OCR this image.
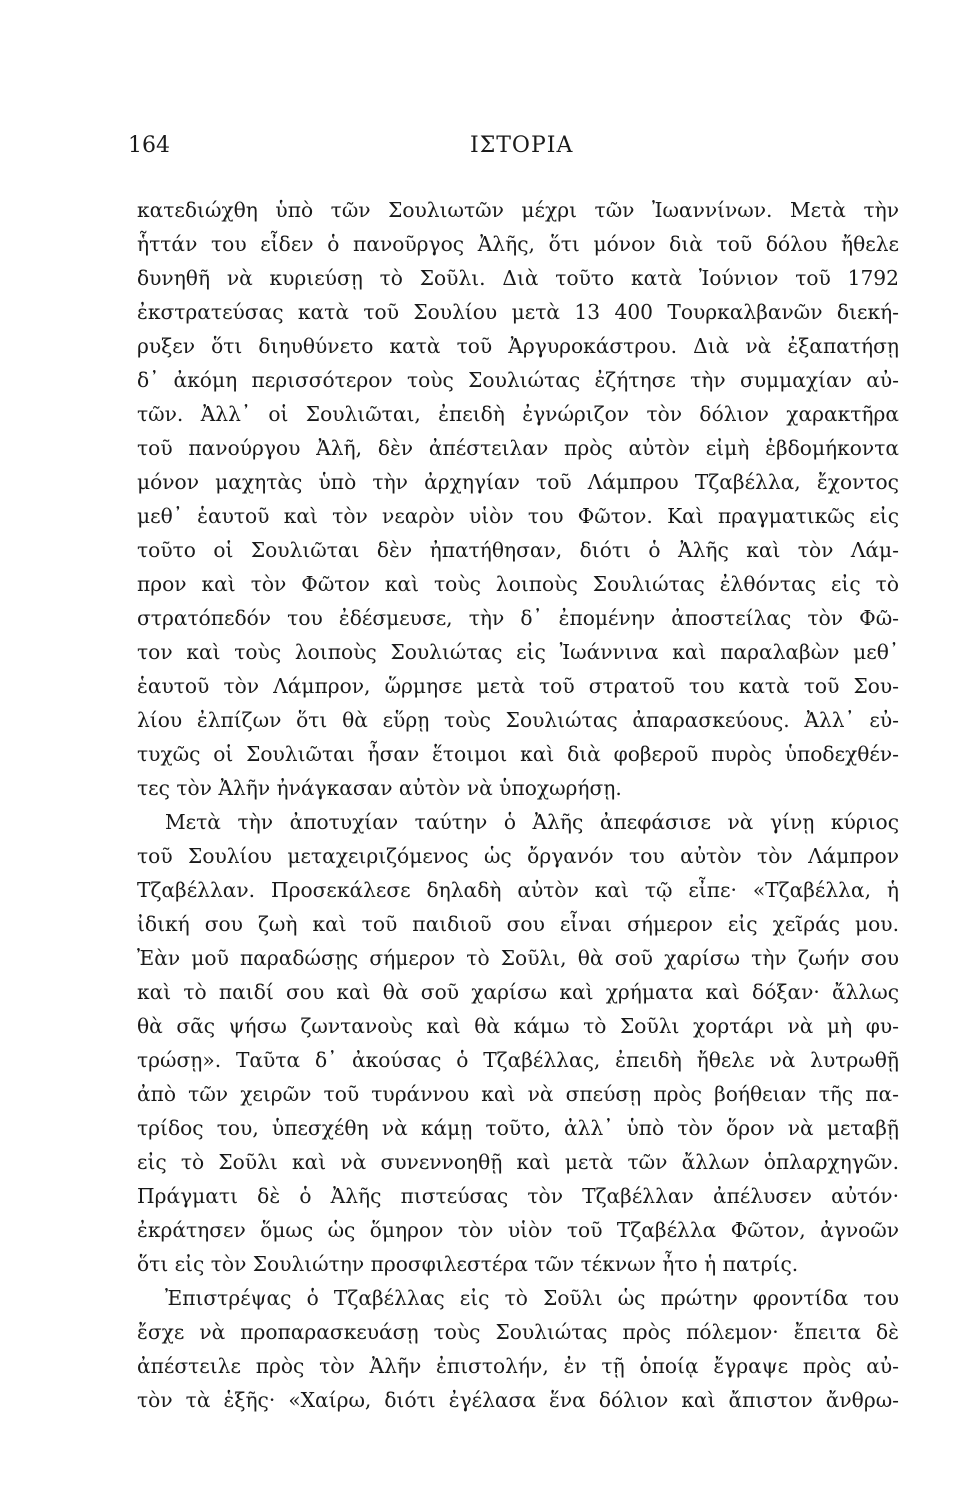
164	ΙΣΤΟΡΙΑ
κατεδιώχθη ὑπὸ τῶν Σουλιωτῶν μέχρι τῶν Ἰωαννίνων. Μετὰ τὴν
ἧττάν του εἶδεν ὁ πανοῦργος Ἀλῆς, ὅτι μόνον διὰ τοῦ δόλου ἤθελε
δυνηθῆ νὰ κυριεύσῃ τὸ Σοῦλι. Διὰ τοῦτο κατὰ Ἰούνιον τοῦ 1792
ἐκστρατεύσας κατὰ τοῦ Σουλίου μετὰ 13 400 Τουρκαλβανῶν διεκή-
ρυξεν ὅτι διηυθύνετο κατὰ τοῦ Ἀργυροκάστρου. Διὰ νὰ ἐξαπατήσῃ
δ᾽ ἀκόμη περισσότερον τοὺς Σουλιώτας ἐζήτησε τὴν συμμαχίαν αὐ-
τῶν. Ἀλλ᾽ οἱ Σουλιῶται, ἐπειδὴ ἐγνώριζον τὸν δόλιον χαρακτῆρα
τοῦ πανούργου Ἀλῆ, δὲν ἀπέστειλαν πρὸς αὐτὸν εἰμὴ ἑβδομήκοντα
μόνον μαχητὰς ὑπὸ τὴν ἀρχηγίαν τοῦ Λάμπρου Τζαβέλλα, ἔχοντος
μεθ᾽ ἑαυτοῦ καὶ τὸν νεαρὸν υἱὸν του Φῶτον. Καὶ πραγματικῶς εἰς
τοῦτο οἱ Σουλιῶται δὲν ἠπατήθησαν, διότι ὁ Ἀλῆς καὶ τὸν Λάμ-
προν καὶ τὸν Φῶτον καὶ τοὺς λοιποὺς Σουλιώτας ἐλθόντας εἰς τὸ
στρατόπεδόν του ἐδέσμευσε, τὴν δ᾽ ἐπομένην ἀποστείλας τὸν Φῶ-
τον καὶ τοὺς λοιποὺς Σουλιώτας εἰς Ἰωάννινα καὶ παραλαβὼν μεθ᾽
ἑαυτοῦ τὸν Λάμπρον, ὥρμησε μετὰ τοῦ στρατοῦ του κατὰ τοῦ Σου-
λίου ἐλπίζων ὅτι θὰ εὕρῃ τοὺς Σουλιώτας ἀπαρασκεύους. Ἀλλ᾽ εὐ-
τυχῶς οἱ Σουλιῶται ἦσαν ἕτοιμοι καὶ διὰ φοβεροῦ πυρὸς ὑποδεχθέν-
τες τὸν Ἀλῆν ἠνάγκασαν αὐτὸν νὰ ὑποχωρήσῃ.
Μετὰ τὴν ἀποτυχίαν ταύτην ὁ Ἀλῆς ἀπεφάσισε νὰ γίνῃ κύριος
τοῦ Σουλίου μεταχειριζόμενος ὡς ὄργανόν του αὐτὸν τὸν Λάμπρον
Τζαβέλλαν. Προσεκάλεσε δηλαδὴ αὐτὸν καὶ τῷ εἶπε· «Τζαβέλλα, ἡ
ἰδική σου ζωὴ καὶ τοῦ παιδιοῦ σου εἶναι σήμερον εἰς χεῖράς μου.
Ἐὰν μοῦ παραδώσῃς σήμερον τὸ Σοῦλι, θὰ σοῦ χαρίσω τὴν ζωήν σου
καὶ τὸ παιδί σου καὶ θὰ σοῦ χαρίσω καὶ χρήματα καὶ δόξαν· ἄλλως
θὰ σᾶς ψήσω ζωντανοὺς καὶ θὰ κάμω τὸ Σοῦλι χορτάρι νὰ μὴ φυ-
τρώσῃ». Ταῦτα δ᾽ ἀκούσας ὁ Τζαβέλλας, ἐπειδὴ ἤθελε νὰ λυτρωθῇ
ἀπὸ τῶν χειρῶν τοῦ τυράννου καὶ νὰ σπεύσῃ πρὸς βοήθειαν τῆς πα-
τρίδος του, ὑπεσχέθη νὰ κάμῃ τοῦτο, ἀλλ᾽ ὑπὸ τὸν ὅρον νὰ μεταβῇ
εἰς τὸ Σοῦλι καὶ νὰ συνεννοηθῇ καὶ μετὰ τῶν ἄλλων ὁπλαρχηγῶν.
Πράγματι δὲ ὁ Ἀλῆς πιστεύσας τὸν Τζαβέλλαν ἀπέλυσεν αὐτόν·
ἐκράτησεν ὅμως ὡς ὅμηρον τὸν υἱὸν τοῦ Τζαβέλλα Φῶτον, ἀγνοῶν
ὅτι εἰς τὸν Σουλιώτην προσφιλεστέρα τῶν τέκνων ἦτο ἡ πατρίς.
Ἐπιστρέψας ὁ Τζαβέλλας εἰς τὸ Σοῦλι ὡς πρώτην φροντίδα του
ἔσχε νὰ προπαρασκευάσῃ τοὺς Σουλιώτας πρὸς πόλεμον· ἔπειτα δὲ
ἀπέστειλε πρὸς τὸν Ἀλῆν ἐπιστολήν, ἐν τῇ ὁποίᾳ ἔγραψε πρὸς αὐ-
τὸν τὰ ἑξῆς· «Χαίρω, διότι ἐγέλασα ἕνα δόλιον καὶ ἄπιστον ἄνθρω-
